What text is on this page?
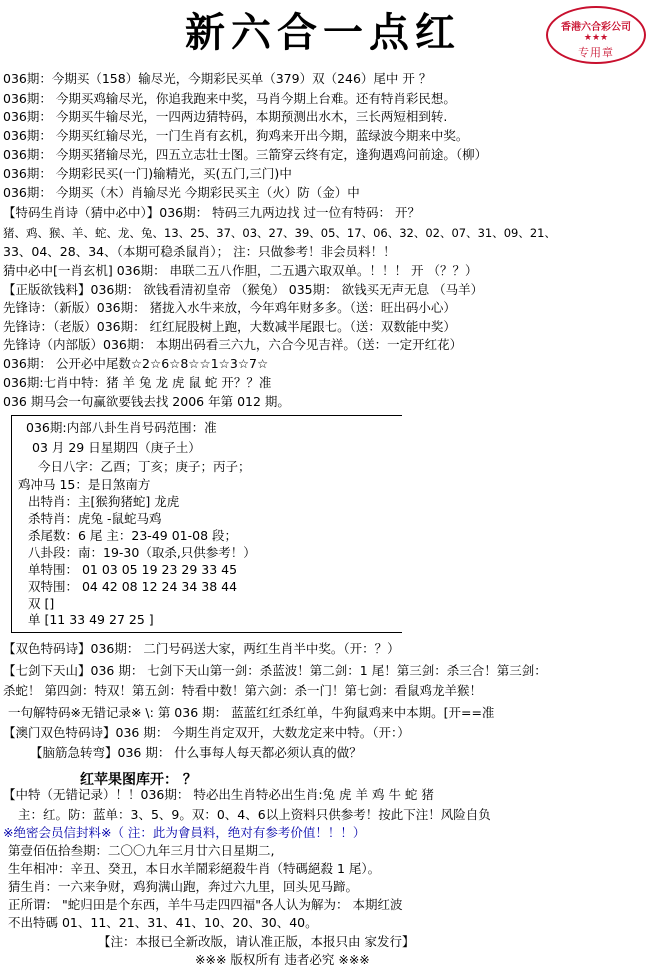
新六合一点红	香港六合彩公司
★★★
专用章
036期：今期买（158）输尽光，今期彩民买单（379）双（246）尾中 开 ？
036期： 今期买鸡输尽光，你追我跑来中奖，马肖今期上台难。还有特肖彩民想。
036期： 今期买牛输尽光，一四两边猜特码，本期预测出水木，三长两短相到转.
036期： 今期买红输尽光，一门生肖有玄机，狗鸡来开出今期，蓝绿波今期来中奖。
036期： 今期买猪输尽光，四五立志壮士图。三箭穿云终有定，逢狗遇鸡问前途。（柳）
036期： 今期彩民买(一门)输精光，买(五门,三门)中
036期： 今期买（木）肖输尽光 今期彩民买主（火）防（金）中
【特码生肖诗（猜中必中）】036期： 特码三九两边找 过一位有特码： 开？
猪、鸡、猴、羊、蛇、龙、兔、13、25、37、03、27、39、05、17、06、32、02、07、31、09、21、
33、04、28、34、（本期可稳杀鼠肖）； 注：只做参考！非会员料！！
猜中必中[一肖玄机] 036期： 串联二五八作胆，二五遇六取双单。！！！ 开 （？？）
【正版欲钱料】036期： 欲钱看清初皇帝 （猴兔） 035期： 欲钱买无声无息 （马羊）
先锋诗：（新版）036期： 猪拢入水牛来放，今年鸡年财多多。（送：旺出码小心）
先锋诗：（老版）036期： 红红屁股树上跑，大数减半尾跟七。（送：双数能中奖）
先锋诗（内部版）036期： 本期出码看三六九，六合今见吉祥。（送：一定开红花）
036期： 公开必中尾数☆2☆6☆8☆☆1☆3☆7☆
036期:七肖中特：猪 羊 兔 龙 虎 鼠 蛇 开？？准
036 期马会一句赢欲要钱去找 2006 年第 012 期。
036期:内部八卦生肖号码范围：准
03 月 29 日星期四（庚子土）
今日八字：乙酉；丁亥；庚子；丙子；
鸡冲马 15：是日煞南方
出特肖：主[猴狗猪蛇] 龙虎
杀特肖：虎兔 -鼠蛇马鸡
杀尾数：6 尾 主：23-49 01-08 段；
八卦段：南：19-30（取杀,只供参考！）
单特围： 01 03 05 19 23 29 33 45
双特围： 04 42 08 12 24 34 38 44
双 []
单 [11 33 49 27 25 ]
【双色特码诗】036期： 二门号码送大家，两红生肖半中奖。（开：？）
【七剑下天山】036 期： 七剑下天山第一剑：杀蓝波！第二剑：1 尾！第三剑：杀三合！第三剑：
杀蛇！ 第四剑：特双！第五剑：特看中数！第六剑：杀一门！第七剑：看鼠鸡龙羊猴！
一句解特码※无错记录※ \: 第 036 期： 蓝蓝红红杀红单，牛狗鼠鸡来中本期。[开==准
【澳门双色特码诗】036 期： 今期生肖定双开，大数龙定来中特。（开：）
【脑筋急转弯】036 期： 什么事每人每天都必须认真的做？
红苹果图库开： ？
【中特（无错记录）！！036期： 特必出生肖特必出生肖:兔 虎 羊 鸡 牛 蛇 猪
主：红。防：蓝单：3、5、9。双：0、4、6以上资料只供参考！按此下注！风险自负
※绝密会员信封料※（ 注：此为會員料，绝对有参考价值！！！）
第壹佰伍拾叁期：二〇〇九年三月廿六日星期二,
生年相冲：辛丑、癸丑，本日水羊鬧彩絕殺牛肖（特碼絕殺 1 尾）。
猜生肖：一六来争财，鸡狗满山跑，奔过六九里，回头见马蹄。
正所谓： "蛇归田是个东西，羊牛马走四四福"各人认为解为： 本期红波
不出特碼 01、11、21、31、41、10、20、30、40。
【注：本报已全新改版，请认准正版，本报只由 家发行】
※※※ 版权所有 违者必究 ※※※
